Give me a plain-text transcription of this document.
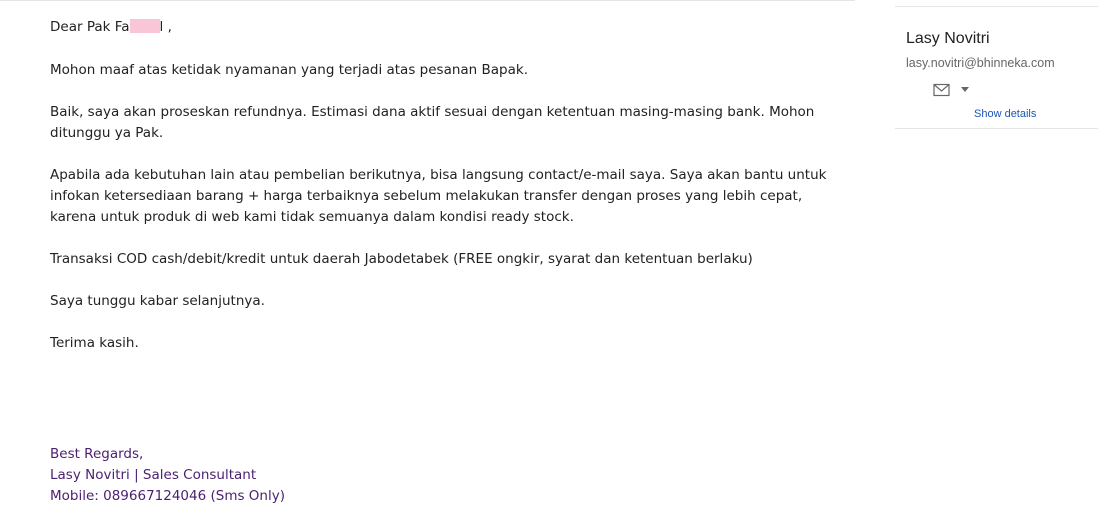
Dear Pak Fa l ,

Mohon maaf atas ketidak nyamanan yang terjadi atas pesanan Bapak.

Baik, saya akan proseskan refundnya. Estimasi dana aktif sesuai dengan ketentuan masing-masing bank. Mohon ditunggu ya Pak.

Apabila ada kebutuhan lain atau pembelian berikutnya, bisa langsung contact/e-mail saya. Saya akan bantu untuk infokan ketersediaan barang + harga terbaiknya sebelum melakukan transfer dengan proses yang lebih cepat, karena untuk produk di web kami tidak semuanya dalam kondisi ready stock.

Transaksi COD cash/debit/kredit untuk daerah Jabodetabek (FREE ongkir, syarat dan ketentuan berlaku)

Saya tunggu kabar selanjutnya.

Terima kasih.

Best Regards,
Lasy Novitri | Sales Consultant
Mobile: 089667124046 (Sms Only)
Lasy Novitri
lasy.novitri@bhinneka.com
Show details
